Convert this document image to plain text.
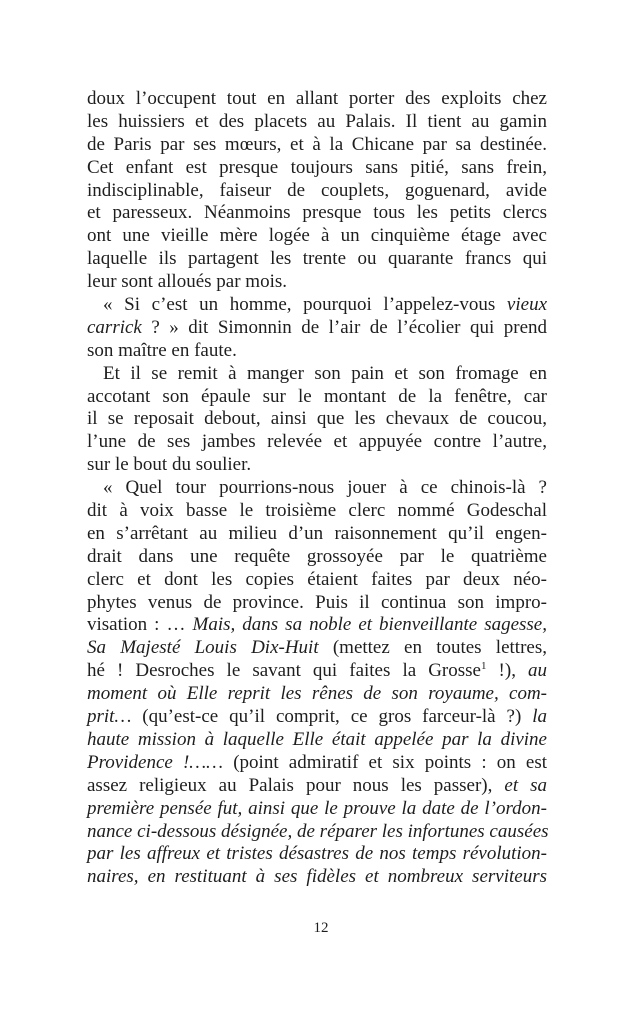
doux l’occupent tout en allant porter des exploits chez
les huissiers et des placets au Palais. Il tient au gamin
de Paris par ses mœurs, et à la Chicane par sa destinée.
Cet enfant est presque toujours sans pitié, sans frein,
indisciplinable, faiseur de couplets, goguenard, avide
et paresseux. Néanmoins presque tous les petits clercs
ont une vieille mère logée à un cinquième étage avec
laquelle ils partagent les trente ou quarante francs qui
leur sont alloués par mois.
« Si c’est un homme, pourquoi l’appelez-vous vieux
carrick ? » dit Simonnin de l’air de l’écolier qui prend
son maître en faute.
Et il se remit à manger son pain et son fromage en
accotant son épaule sur le montant de la fenêtre, car
il se reposait debout, ainsi que les chevaux de coucou,
l’une de ses jambes relevée et appuyée contre l’autre,
sur le bout du soulier.
« Quel tour pourrions-nous jouer à ce chinois-là ?
dit à voix basse le troisième clerc nommé Godeschal
en s’arrêtant au milieu d’un raisonnement qu’il engen-
drait dans une requête grossoyée par le quatrième
clerc et dont les copies étaient faites par deux néo-
phytes venus de province. Puis il continua son impro-
visation : … Mais, dans sa noble et bienveillante sagesse,
Sa Majesté Louis Dix-Huit (mettez en toutes lettres,
hé ! Desroches le savant qui faites la Grosse$^1$ !), au
moment où Elle reprit les rênes de son royaume, com-
prit… (qu’est-ce qu’il comprit, ce gros farceur-là ?) la
haute mission à laquelle Elle était appelée par la divine
Providence !…… (point admiratif et six points : on est
assez religieux au Palais pour nous les passer), et sa
première pensée fut, ainsi que le prouve la date de l’ordon-
nance ci-dessous désignée, de réparer les infortunes causées
par les affreux et tristes désastres de nos temps révolution-
naires, en restituant à ses fidèles et nombreux serviteurs
12
